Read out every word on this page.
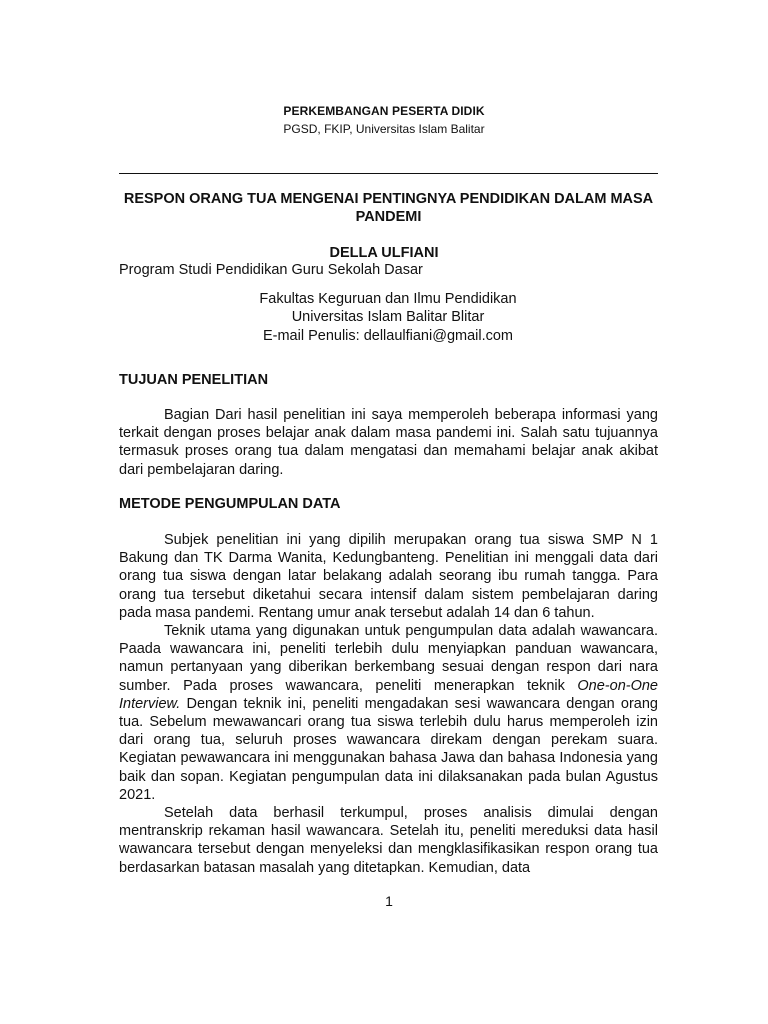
PERKEMBANGAN PESERTA DIDIK
PGSD, FKIP, Universitas Islam Balitar
RESPON ORANG TUA MENGENAI PENTINGNYA PENDIDIKAN DALAM MASA PANDEMI
DELLA ULFIANI
Program Studi Pendidikan Guru Sekolah Dasar
Fakultas Keguruan dan Ilmu Pendidikan
Universitas Islam Balitar Blitar
E-mail Penulis: dellaulfiani@gmail.com
TUJUAN PENELITIAN

Bagian Dari hasil penelitian ini saya memperoleh beberapa informasi yang terkait dengan proses belajar anak dalam masa pandemi ini. Salah satu tujuannya termasuk proses orang tua dalam mengatasi dan memahami belajar anak akibat dari pembelajaran daring.

METODE PENGUMPULAN DATA

Subjek penelitian ini yang dipilih merupakan orang tua siswa SMP N 1 Bakung dan TK Darma Wanita, Kedungbanteng. Penelitian ini menggali data dari orang tua siswa dengan latar belakang adalah seorang ibu rumah tangga. Para orang tua tersebut diketahui secara intensif dalam sistem pembelajaran daring pada masa pandemi. Rentang umur anak tersebut adalah 14 dan 6 tahun.

Teknik utama yang digunakan untuk pengumpulan data adalah wawancara. Paada wawancara ini, peneliti terlebih dulu menyiapkan panduan wawancara, namun pertanyaan yang diberikan berkembang sesuai dengan respon dari nara sumber. Pada proses wawancara, peneliti menerapkan teknik One-on-One Interview. Dengan teknik ini, peneliti mengadakan sesi wawancara dengan orang tua. Sebelum mewawancari orang tua siswa terlebih dulu harus memperoleh izin dari orang tua, seluruh proses wawancara direkam dengan perekam suara. Kegiatan pewawancara ini menggunakan bahasa Jawa dan bahasa Indonesia yang baik dan sopan. Kegiatan pengumpulan data ini dilaksanakan pada bulan Agustus 2021.

Setelah data berhasil terkumpul, proses analisis dimulai dengan mentranskrip rekaman hasil wawancara. Setelah itu, peneliti mereduksi data hasil wawancara tersebut dengan menyeleksi dan mengklasifikasikan respon orang tua berdasarkan batasan masalah yang ditetapkan. Kemudian, data

1
